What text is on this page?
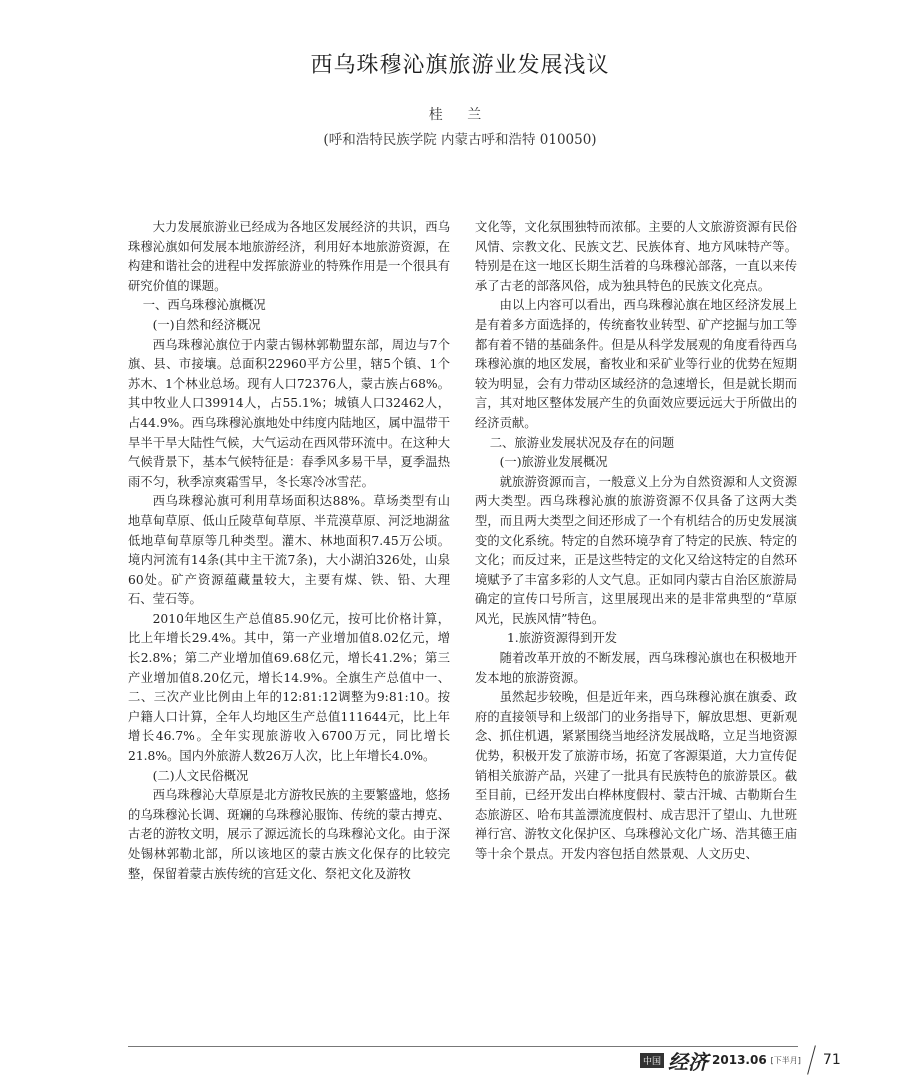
西乌珠穆沁旗旅游业发展浅议
桂 兰
(呼和浩特民族学院 内蒙古呼和浩特 010050)

大力发展旅游业已经成为各地区发展经济的共识，西乌珠穆沁旗如何发展本地旅游经济，利用好本地旅游资源，在构建和谐社会的进程中发挥旅游业的特殊作用是一个很具有研究价值的课题。

一、西乌珠穆沁旗概况

(一)自然和经济概况

西乌珠穆沁旗位于内蒙古锡林郭勒盟东部，周边与7个旗、县、市接壤。总面积22960平方公里，辖5个镇、1个苏木、1个林业总场。现有人口72376人，蒙古族占68%。其中牧业人口39914人，占55.1%；城镇人口32462人，占44.9%。西乌珠穆沁旗地处中纬度内陆地区，属中温带干旱半干旱大陆性气候，大气运动在西风带环流中。在这种大气候背景下，基本气候特征是：春季风多易干旱，夏季温热雨不匀，秋季凉爽霜雪早，冬长寒冷冰雪茫。

西乌珠穆沁旗可利用草场面积达88%。草场类型有山地草甸草原、低山丘陵草甸草原、半荒漠草原、河泛地湖盆低地草甸草原等几种类型。灌木、林地面积7.45万公顷。境内河流有14条(其中主干流7条)，大小湖泊326处，山泉60处。矿产资源蕴藏量较大，主要有煤、铁、铅、大理石、莹石等。

2010年地区生产总值85.90亿元，按可比价格计算，比上年增长29.4%。其中，第一产业增加值8.02亿元，增长2.8%；第二产业增加值69.68亿元，增长41.2%；第三产业增加值8.20亿元，增长14.9%。全旗生产总值中一、二、三次产业比例由上年的12:81:12调整为9:81:10。按户籍人口计算，全年人均地区生产总值111644元，比上年增长46.7%。全年实现旅游收入6700万元，同比增长21.8%。国内外旅游人数26万人次，比上年增长4.0%。

(二)人文民俗概况

西乌珠穆沁大草原是北方游牧民族的主要繁盛地，悠扬的乌珠穆沁长调、斑斓的乌珠穆沁服饰、传统的蒙古搏克、古老的游牧文明，展示了源远流长的乌珠穆沁文化。由于深处锡林郭勒北部，所以该地区的蒙古族文化保存的比较完整，保留着蒙古族传统的宫廷文化、祭祀文化及游牧

文化等，文化氛围独特而浓郁。主要的人文旅游资源有民俗风情、宗教文化、民族文艺、民族体育、地方风味特产等。特别是在这一地区长期生活着的乌珠穆沁部落，一直以来传承了古老的部落风俗，成为独具特色的民族文化亮点。

由以上内容可以看出，西乌珠穆沁旗在地区经济发展上是有着多方面选择的，传统畜牧业转型、矿产挖掘与加工等都有着不错的基础条件。但是从科学发展观的角度看待西乌珠穆沁旗的地区发展，畜牧业和采矿业等行业的优势在短期较为明显，会有力带动区域经济的急速增长，但是就长期而言，其对地区整体发展产生的负面效应要远远大于所做出的经济贡献。

二、旅游业发展状况及存在的问题

(一)旅游业发展概况

就旅游资源而言，一般意义上分为自然资源和人文资源两大类型。西乌珠穆沁旗的旅游资源不仅具备了这两大类型，而且两大类型之间还形成了一个有机结合的历史发展演变的文化系统。特定的自然环境孕育了特定的民族、特定的文化；而反过来，正是这些特定的文化又给这特定的自然环境赋予了丰富多彩的人文气息。正如同内蒙古自治区旅游局确定的宣传口号所言，这里展现出来的是非常典型的“草原风光，民族风情”特色。

1.旅游资源得到开发

随着改革开放的不断发展，西乌珠穆沁旗也在积极地开发本地的旅游资源。

虽然起步较晚，但是近年来，西乌珠穆沁旗在旗委、政府的直接领导和上级部门的业务指导下，解放思想、更新观念、抓住机遇，紧紧围绕当地经济发展战略，立足当地资源优势，积极开发了旅游市场，拓宽了客源渠道，大力宣传促销相关旅游产品，兴建了一批具有民族特色的旅游景区。截至目前，已经开发出白桦林度假村、蒙古汗城、古勒斯台生态旅游区、哈布其盖漂流度假村、成吉思汗了望山、九世班禅行宫、游牧文化保护区、乌珠穆沁文化广场、浩其德王庙等十余个景点。开发内容包括自然景观、人文历史、

中国 经济 2013.06 [下半月] 71
